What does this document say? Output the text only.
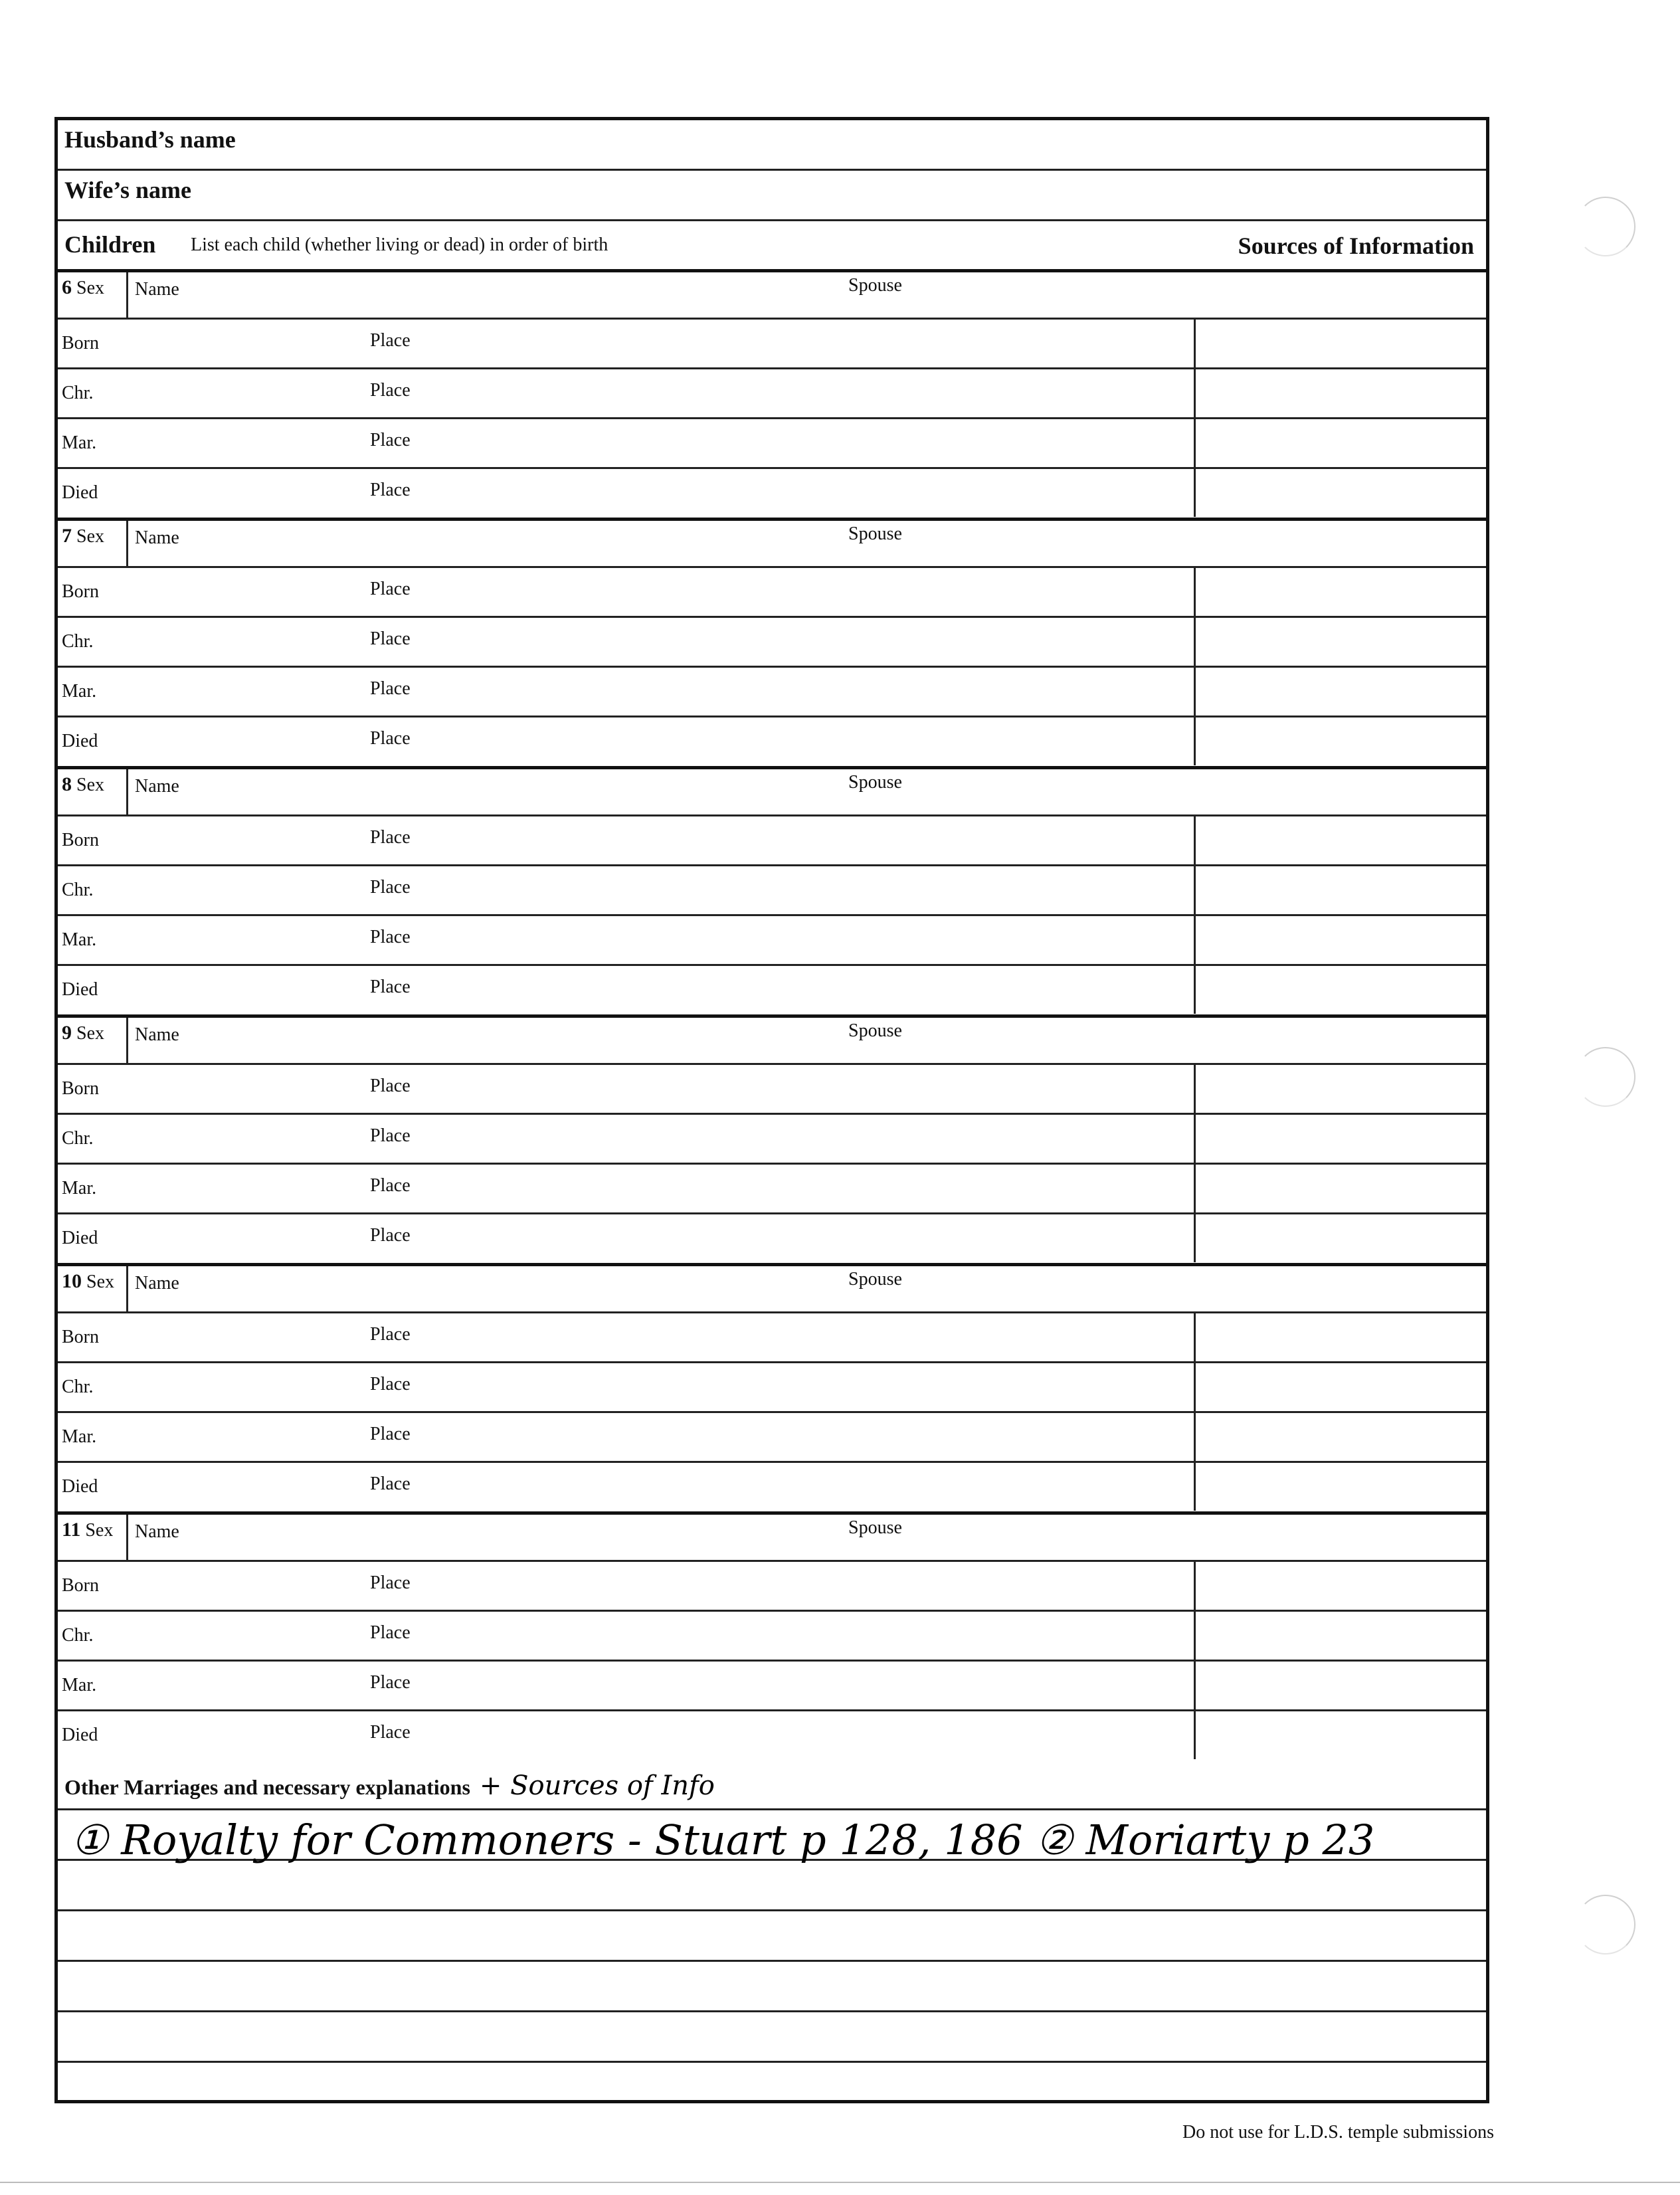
Husband’s name
Wife’s name
Children List each child (whether living or dead) in order of birth	Sources of Information
6 Sex	Name	Spouse
Born	Place
Chr.	Place
Mar.	Place
Died	Place
7 Sex	Name	Spouse
Born	Place
Chr.	Place
Mar.	Place
Died	Place
8 Sex	Name	Spouse
Born	Place
Chr.	Place
Mar.	Place
Died	Place
9 Sex	Name	Spouse
Born	Place
Chr.	Place
Mar.	Place
Died	Place
10 Sex	Name	Spouse
Born	Place
Chr.	Place
Mar.	Place
Died	Place
11 Sex	Name	Spouse
Born	Place
Chr.	Place
Mar.	Place
Died	Place
Other Marriages and necessary explanations + Sources of Info
① Royalty for Commoners - Stuart p 128, 186 ② Moriarty p 23
Do not use for L.D.S. temple submissions
